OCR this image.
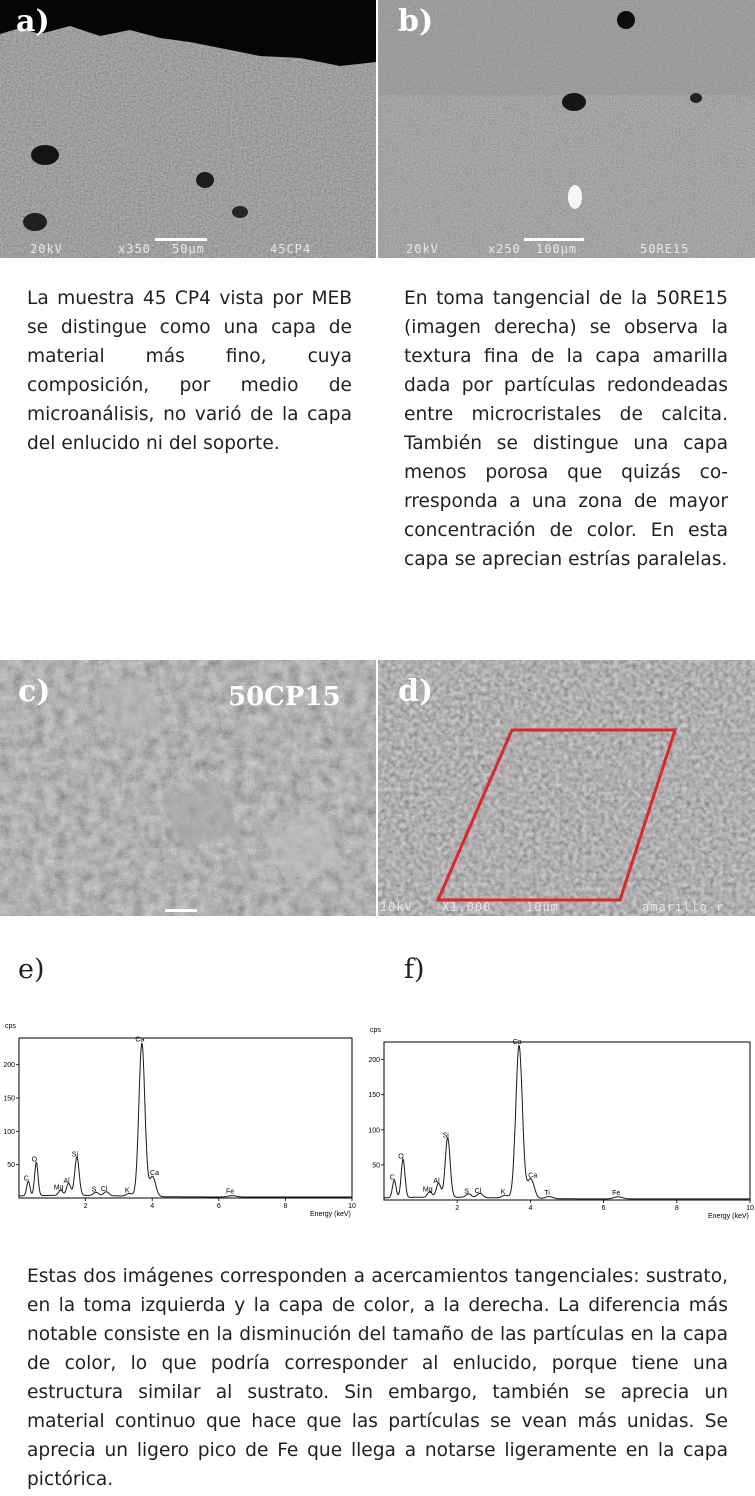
a)

20kV

	x350

50μm

	45CP4

b)

20kV

	x250

100μm

	50RE15

La muestra 45 CP4 vista por MEB se distingue como una capa de material más fino, cuya composición, por medio de microanálisis, no varió de la capa del enlucido ni del soporte.
En toma tangencial de la 50RE15 (imagen derecha) se observa la textura fina de la capa amarilla dada por partículas redondeadas entre microcristales de calcita. También se distingue una capa menos porosa que quizás corresponda a una zona de mayor concentración de color. En esta capa se aprecian estrías paralelas.
c)	50CP15 d)

10kV

X1,000

	10μm

	amarillo-r

e)	f)
cps
Energy (keV)
50
100
150
200
2	4	6	8	10
C
O
Mg
Al
Si
S Cl K
Ca
Ca
Fe
cps
Energy (keV)
50
100
150
200
2	4	6	8	10
C
O
Mg
Al
Si
S Cl	K
Ca
Ca
Ti	Fe
Estas dos imágenes corresponden a acercamientos tangenciales: sustrato, en la toma izquierda y la capa de color, a la derecha. La diferencia más notable consiste en la disminución del tamaño de las partículas en la capa de color, lo que podría corresponder al enlucido, porque tiene una estructura similar al sustrato. Sin embargo, también se aprecia un material continuo que hace que las partículas se vean más unidas. Se aprecia un ligero pico de Fe que llega a notarse ligeramente en la capa pictórica.
